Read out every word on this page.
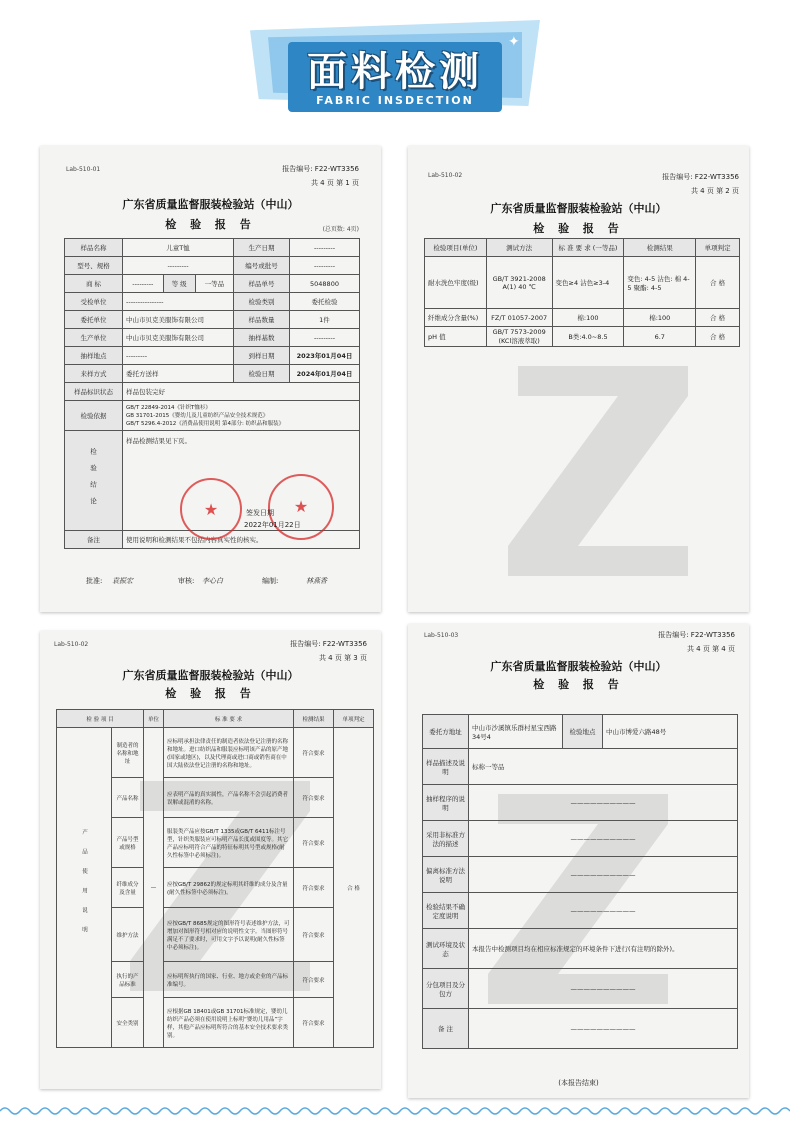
面料检测
FABRIC INSDECTION
✦
Lab-510-01	报告编号: F22-WT3356
共 4 页 第 1 页
广东省质量监督服装检验站（中山）
检 验 报 告	(总页数: 4页)
样品名称	儿童T恤			生产日期	---------
型号、规格	---------			编号或批号	---------
商 标	---------	等 级	一等品	样品单号	5048800
受检单位	----------------			检验类别	委托检验
委托单位	中山市贝克美服饰有限公司			样品数量	1件
生产单位	中山市贝克美服饰有限公司			抽样基数	---------
抽样地点	---------			到样日期	2023年01月04日
来样方式	委托方送样			检验日期	2024年01月04日
样品标识状态	样品包装完好				
检验依据	GB/T 22849-2014《针织T恤衫》
GB 31701-2015《婴幼儿及儿童纺织产品安全技术规范》
GB/T 5296.4-2012《消费品使用说明 第4部分: 纺织品和服装》				

检验结论	样品检测结果见下页。				
备注	使用说明和检测结果不包括内容真实性的核实。				
★	★
签发日期
2022年01月22日
批准: 袁振宏	审核: 李心白	编制:	林燕香
Lab-510-02	报告编号: F22-WT3356
共 4 页 第 2 页
广东省质量监督服装检验站（中山）
检 验 报 告
检验项目(单位)	测试方法	标 准 要 求 (一等品)	检测结果	单项判定
耐水洗色牢度(级)	GB/T 3921-2008 A(1) 40 ℃	变色≥4 沾色≥3-4	变色: 4-5 沾色: 棉 4-5 聚酯: 4-5	合 格
纤维成分含量(%)	FZ/T 01057-2007	棉:100	棉:100	合 格
pH 值	GB/T 7573-2009 (KCl溶液萃取)	B类:4.0~8.5	6.7	合 格
Lab-510-02	报告编号: F22-WT3356
共 4 页 第 3 页
广东省质量监督服装检验站（中山）
检 验 报 告
检 验 项 目		单位	标 准 要 求	检测结果	单项判定
产品使用说明	制造者的名称和地址	—	应标明承担法律责任的制造者依法登记注册的名称和地址。进口纺织品和服装应标明该产品的原产地(国家或地区)，以及代理商或进口商或销售商在中国大陆依法登记注册的名称和地址。	符合要求	合 格
	产品名称		应表明产品的真实属性，产品名称不会引起消费者误解或混淆的名称。	符合要求	
	产品号型或规格		服装类产品应按GB/T 1335或GB/T 6411标注号型，针织类服装应可标明产品长度或围度等。其它产品应标明符合产品的特征标明其号型或规格(耐久性标签中必须标注)。	符合要求	
	纤维成分及含量		应按GB/T 29862的规定标明其纤维的成分及含量(耐久性标签中必须标注)。	符合要求	
	维护方法		应按GB/T 8685规定的图形符号表述维护方法，可增加对图形符号相对应的说明性文字。当图形符号满足不了要求时，可用文字予以说明(耐久性标签中必须标注)。	符合要求	
	执行的产品标准		应标明所执行的国家、行业、地方或企业的产品标准编号。	符合要求	
	安全类别		应根据GB 18401或GB 31701标准规定，婴幼儿纺织产品必须在使用说明上标明“婴幼儿用品”字样，其他产品应标明所符合的基本安全技术要求类别。	符合要求	
Lab-510-03	报告编号: F22-WT3356
共 4 页 第 4 页
广东省质量监督服装检验站（中山）
检 验 报 告
委托方地址	中山市沙溪镇乐群村星宝西路34号4	检验地点	中山市博爱六路48号
样品描述及说明	标称一等品		
抽样程序的说明	——————————		
采用非标准方法的描述	——————————		
偏离标准方法说明	——————————		
检验结果不确定度说明	——————————		
测试环境及状态	本报告中检测项目均在相应标准规定的环境条件下进行(有注明的除外)。		
分包项目及分包方	——————————		
备 注	——————————		
(本报告结束)
